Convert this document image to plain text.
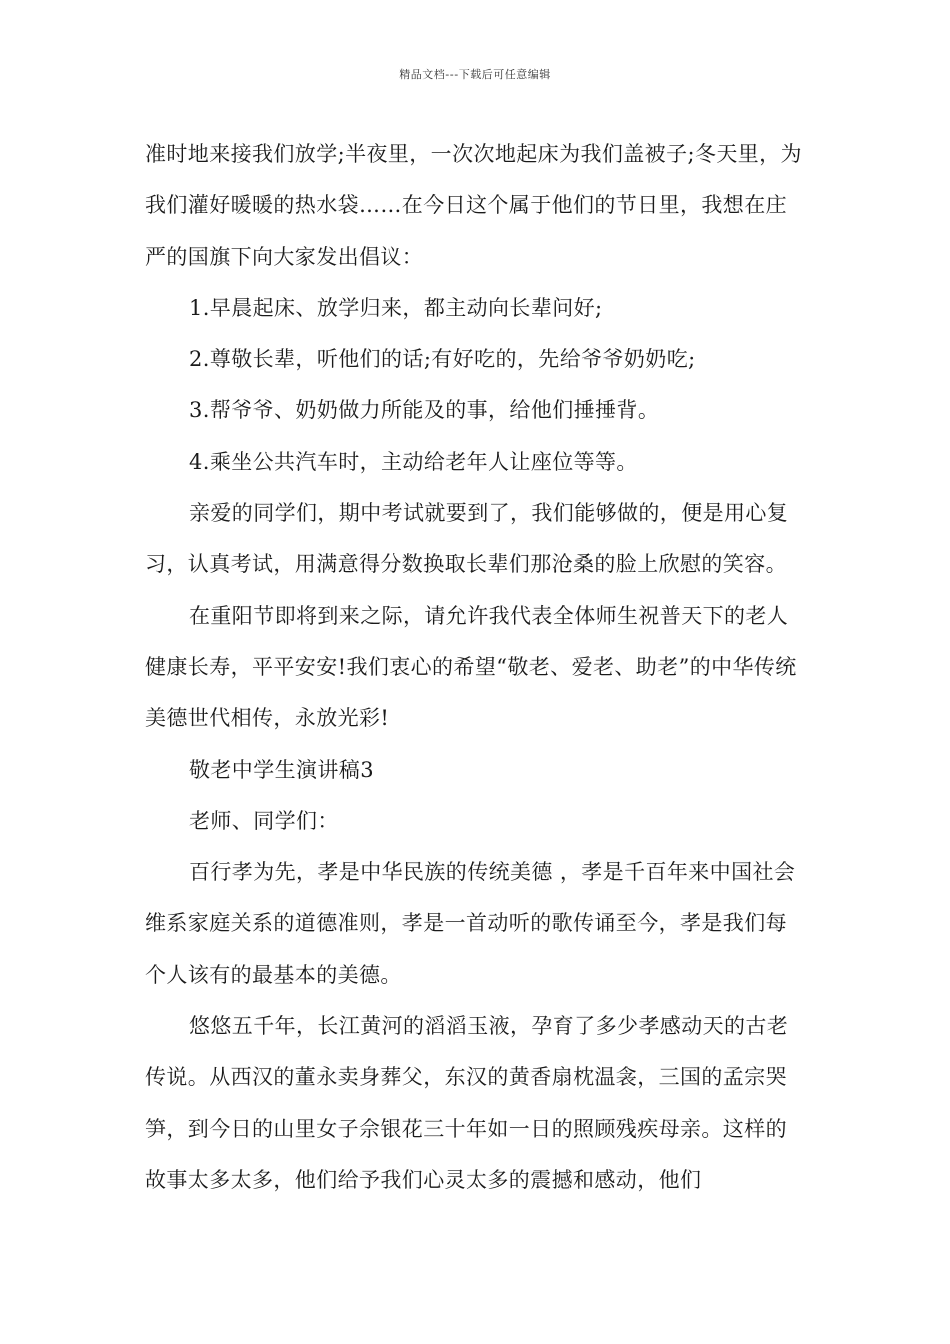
精品文档---下载后可任意编辑

准时地来接我们放学;半夜里，一次次地起床为我们盖被子;冬天里，为我们灌好暖暖的热水袋……在今日这个属于他们的节日里，我想在庄严的国旗下向大家发出倡议：

1.早晨起床、放学归来，都主动向长辈问好;

2.尊敬长辈，听他们的话;有好吃的，先给爷爷奶奶吃;

3.帮爷爷、奶奶做力所能及的事，给他们捶捶背。

4.乘坐公共汽车时，主动给老年人让座位等等。

亲爱的同学们，期中考试就要到了，我们能够做的，便是用心复习，认真考试，用满意得分数换取长辈们那沧桑的脸上欣慰的笑容。

在重阳节即将到来之际，请允许我代表全体师生祝普天下的老人健康长寿，平平安安!我们衷心的希望“敬老、爱老、助老”的中华传统美德世代相传，永放光彩!

敬老中学生演讲稿3

老师、同学们：

百行孝为先，孝是中华民族的传统美德 ，孝是千百年来中国社会维系家庭关系的道德准则，孝是一首动听的歌传诵至今，孝是我们每个人该有的最基本的美德。

悠悠五千年，长江黄河的滔滔玉液，孕育了多少孝感动天的古老传说。从西汉的董永卖身葬父，东汉的黄香扇枕温衾，三国的孟宗哭笋，到今日的山里女子佘银花三十年如一日的照顾残疾母亲。这样的故事太多太多，他们给予我们心灵太多的震撼和感动，他们
